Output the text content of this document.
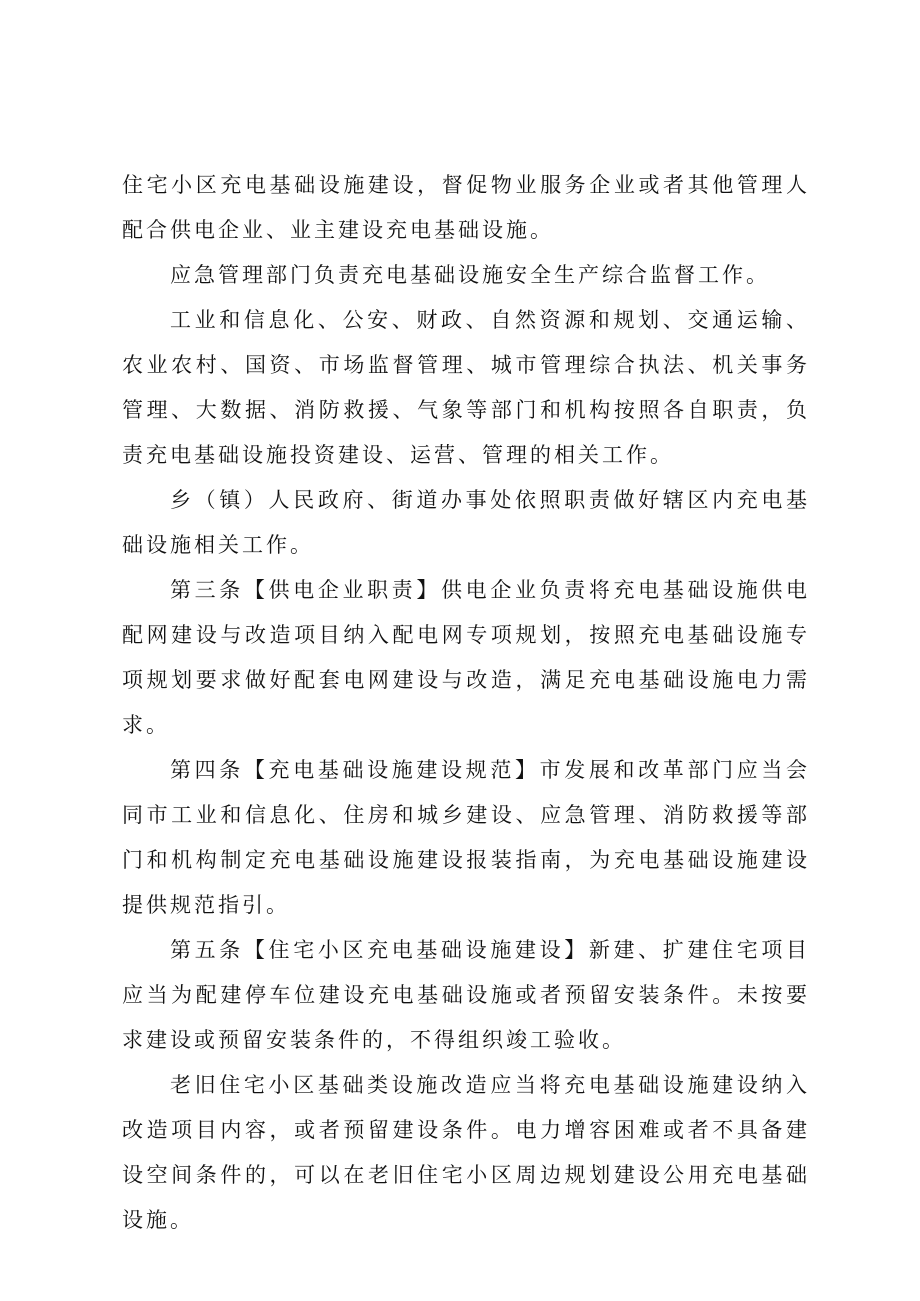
住宅小区充电基础设施建设，督促物业服务企业或者其他管理人配合供电企业、业主建设充电基础设施。

应急管理部门负责充电基础设施安全生产综合监督工作。

工业和信息化、公安、财政、自然资源和规划、交通运输、农业农村、国资、市场监督管理、城市管理综合执法、机关事务管理、大数据、消防救援、气象等部门和机构按照各自职责，负责充电基础设施投资建设、运营、管理的相关工作。

乡（镇）人民政府、街道办事处依照职责做好辖区内充电基础设施相关工作。

第三条【供电企业职责】供电企业负责将充电基础设施供电配网建设与改造项目纳入配电网专项规划，按照充电基础设施专项规划要求做好配套电网建设与改造，满足充电基础设施电力需求。

第四条【充电基础设施建设规范】市发展和改革部门应当会同市工业和信息化、住房和城乡建设、应急管理、消防救援等部门和机构制定充电基础设施建设报装指南，为充电基础设施建设提供规范指引。

第五条【住宅小区充电基础设施建设】新建、扩建住宅项目应当为配建停车位建设充电基础设施或者预留安装条件。未按要求建设或预留安装条件的，不得组织竣工验收。

老旧住宅小区基础类设施改造应当将充电基础设施建设纳入改造项目内容，或者预留建设条件。电力增容困难或者不具备建设空间条件的，可以在老旧住宅小区周边规划建设公用充电基础设施。
